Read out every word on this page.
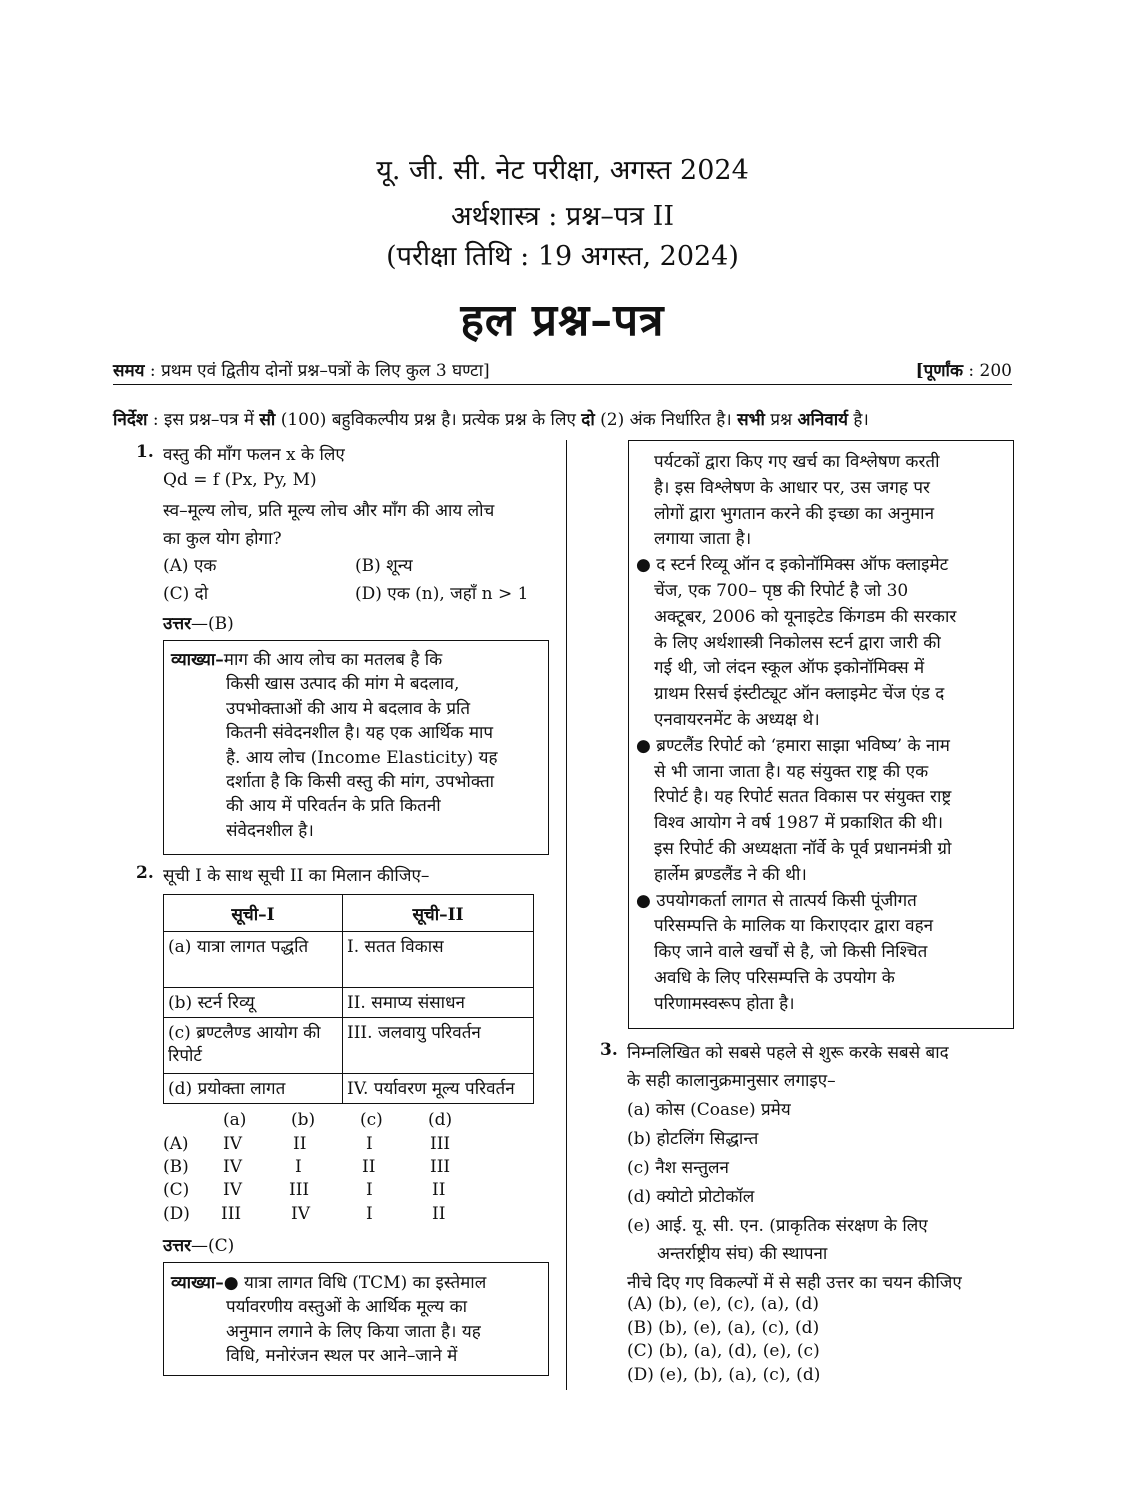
यू. जी. सी. नेट परीक्षा, अगस्त 2024
अर्थशास्त्र : प्रश्न–पत्र II
(परीक्षा तिथि : 19 अगस्त, 2024)
हल प्रश्न–पत्र
समय : प्रथम एवं द्वितीय दोनों प्रश्न–पत्रों के लिए कुल 3 घण्टा]	[पूर्णांक : 200
निर्देश : इस प्रश्न–पत्र में सौ (100) बहुविकल्पीय प्रश्न है। प्रत्येक प्रश्न के लिए दो (2) अंक निर्धारित है। सभी प्रश्न अनिवार्य है।
1. वस्तु की माँग फलन x के लिए
Qd = f (Px, Py, M)
स्व–मूल्य लोच, प्रति मूल्य लोच और माँग की आय लोच
का कुल योग होगा?
(A) एक	(B) शून्य
(C) दो	(D) एक (n), जहाँ n > 1
उत्तर—(B)

व्याख्या–माग की आय लोच का मतलब है कि

किसी खास उत्पाद की मांग मे बदलाव,

उपभोक्ताओं की आय मे बदलाव के प्रति

कितनी संवेदनशील है। यह एक आर्थिक माप

है. आय लोच (Income Elasticity) यह

दर्शाता है कि किसी वस्तु की मांग, उपभोक्ता

की आय में परिवर्तन के प्रति कितनी

संवेदनशील है।

2. सूची I के साथ सूची II का मिलान कीजिए–
सूची–I	सूची–II
(a) यात्रा लागत पद्धति	I. सतत विकास
(b) स्टर्न रिव्यू	II. समाप्य संसाधन
(c) ब्रण्टलैण्ड आयोग की रिपोर्ट	III. जलवायु परिवर्तन
(d) प्रयोक्ता लागत	IV. पर्यावरण मूल्य परिवर्तन
(a)	(b)	(c)	(d)
(A) IV	II	I	III
(B) IV	I	II	III
(C) IV	III	I	II
(D) III	IV	I	II
उत्तर—(C)

व्याख्या–● यात्रा लागत विधि (TCM) का इस्तेमाल

पर्यावरणीय वस्तुओं के आर्थिक मूल्य का

अनुमान लगाने के लिए किया जाता है। यह

विधि, मनोरंजन स्थल पर आने–जाने में

पर्यटकों द्वारा किए गए खर्च का विश्लेषण करती

है। इस विश्लेषण के आधार पर, उस जगह पर

लोगों द्वारा भुगतान करने की इच्छा का अनुमान

लगाया जाता है।

● द स्टर्न रिव्यू ऑन द इकोनॉमिक्स ऑफ क्लाइमेट

चेंज, एक 700– पृष्ठ की रिपोर्ट है जो 30

अक्टूबर, 2006 को यूनाइटेड किंगडम की सरकार

के लिए अर्थशास्त्री निकोलस स्टर्न द्वारा जारी की

गई थी, जो लंदन स्कूल ऑफ इकोनॉमिक्स में

ग्राथम रिसर्च इंस्टीट्यूट ऑन क्लाइमेट चेंज एंड द

एनवायरनमेंट के अध्यक्ष थे।

● ब्रण्टलैंड रिपोर्ट को ‘हमारा साझा भविष्य’ के नाम

से भी जाना जाता है। यह संयुक्त राष्ट्र की एक

रिपोर्ट है। यह रिपोर्ट सतत विकास पर संयुक्त राष्ट्र

विश्व आयोग ने वर्ष 1987 में प्रकाशित की थी।

इस रिपोर्ट की अध्यक्षता नॉर्वे के पूर्व प्रधानमंत्री ग्रो

हार्लेम ब्रण्डलैंड ने की थी।

● उपयोगकर्ता लागत से तात्पर्य किसी पूंजीगत

परिसम्पत्ति के मालिक या किराएदार द्वारा वहन

किए जाने वाले खर्चों से है, जो किसी निश्चित

अवधि के लिए परिसम्पत्ति के उपयोग के

परिणामस्वरूप होता है।

3. निम्नलिखित को सबसे पहले से शुरू करके सबसे बाद
के सही कालानुक्रमानुसार लगाइए–
(a) कोस (Coase) प्रमेय
(b) होटलिंग सिद्धान्त
(c) नैश सन्तुलन
(d) क्योटो प्रोटोकॉल
(e) आई. यू. सी. एन. (प्राकृतिक संरक्षण के लिए
अन्तर्राष्ट्रीय संघ) की स्थापना
नीचे दिए गए विकल्पों में से सही उत्तर का चयन कीजिए
(A) (b), (e), (c), (a), (d)
(B) (b), (e), (a), (c), (d)
(C) (b), (a), (d), (e), (c)
(D) (e), (b), (a), (c), (d)
